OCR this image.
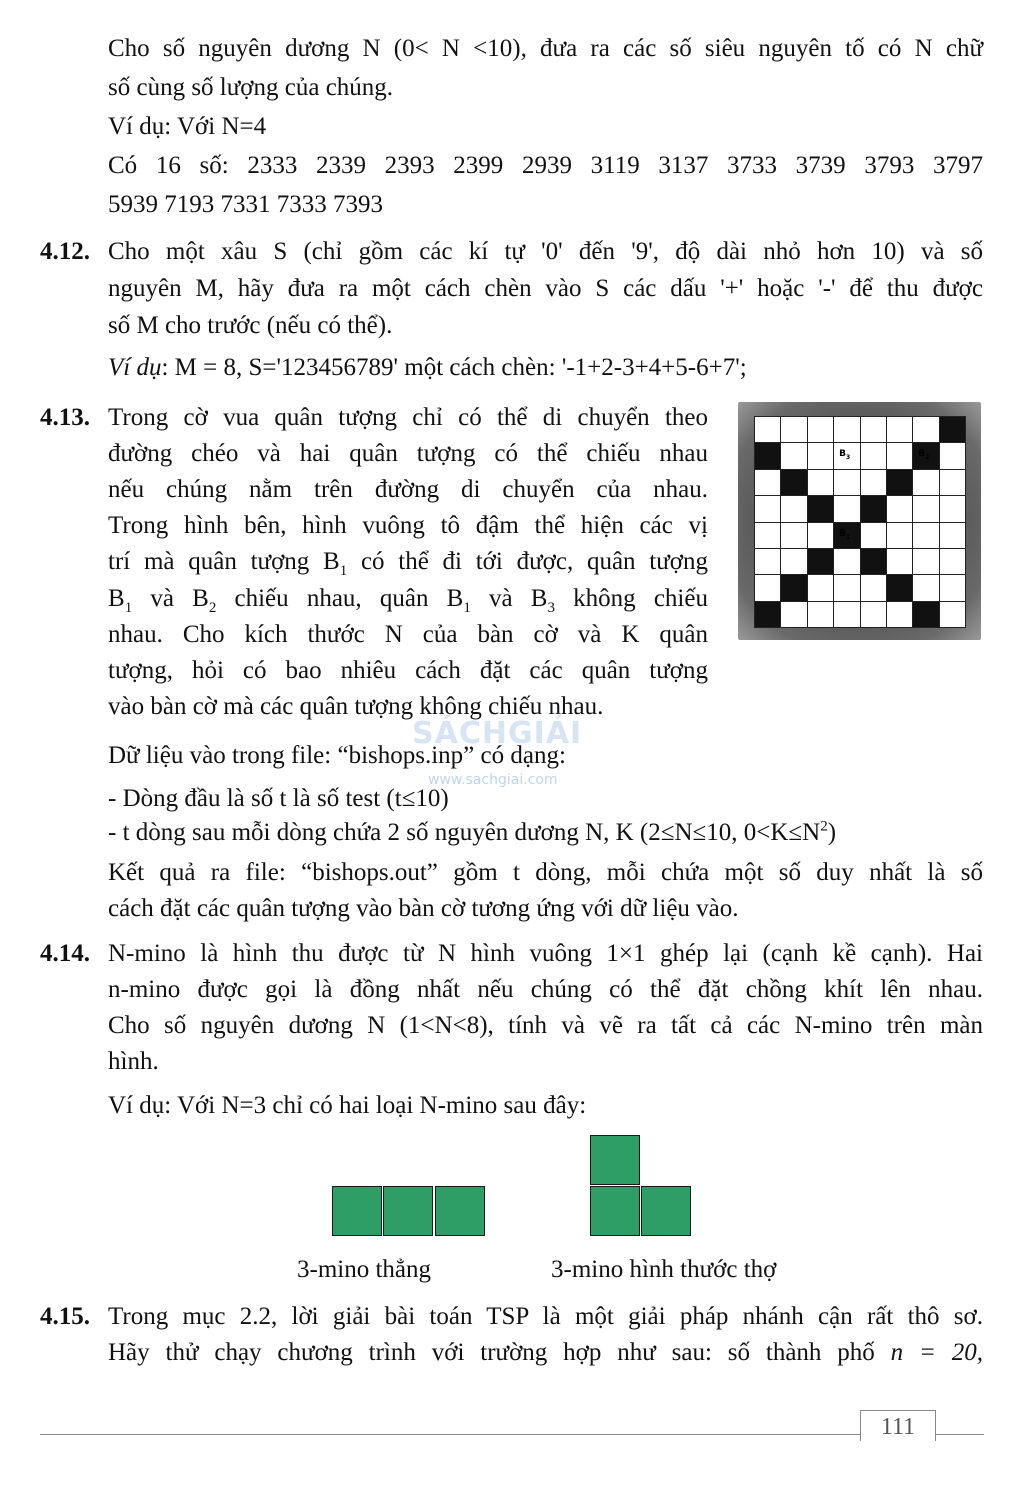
Cho số nguyên dương N (0< N <10), đưa ra các số siêu nguyên tố có N chữ

số cùng số lượng của chúng.

Ví dụ: Với N=4

Có 16 số: 2333 2339 2393 2399 2939 3119 3137 3733 3739 3793 3797

5939 7193 7331 7333 7393

4.12. Cho một xâu S (chỉ gồm các kí tự '0' đến '9', độ dài nhỏ hơn 10) và số

nguyên M, hãy đưa ra một cách chèn vào S các dấu '+' hoặc '-' để thu được

số M cho trước (nếu có thể).

Ví dụ: M = 8, S='123456789' một cách chèn: '-1+2-3+4+5-6+7';

4.13. Trong cờ vua quân tượng chỉ có thể di chuyển theo

đường chéo và hai quân tượng có thể chiếu nhau

nếu chúng nằm trên đường di chuyển của nhau.

Trong hình bên, hình vuông tô đậm thể hiện các vị

trí mà quân tượng $B_1$ có thể đi tới được, quân tượng

$B_1$ và $B_2$ chiếu nhau, quân $B_1$ và $B_3$ không chiếu

nhau. Cho kích thước N của bàn cờ và K quân

tượng, hỏi có bao nhiêu cách đặt các quân tượng

vào bàn cờ mà các quân tượng không chiếu nhau.

$B_3$	$B_2$
$B_1$

Dữ liệu vào trong file: “bishops.inp” có dạng:

- Dòng đầu là số t là số test (t≤10)

- t dòng sau mỗi dòng chứa 2 số nguyên dương N, K (2≤N≤10, $0<K\le N^2$)

Kết quả ra file: “bishops.out” gồm t dòng, mỗi chứa một số duy nhất là số

cách đặt các quân tượng vào bàn cờ tương ứng với dữ liệu vào.

SÁCHGIẢI
www.sachgiai.com
4.14. N-mino là hình thu được từ N hình vuông 1×1 ghép lại (cạnh kề cạnh). Hai

n-mino được gọi là đồng nhất nếu chúng có thể đặt chồng khít lên nhau.

Cho số nguyên dương N (1<N<8), tính và vẽ ra tất cả các N-mino trên màn

hình.

Ví dụ: Với N=3 chỉ có hai loại N-mino sau đây:

3-mino thẳng	3-mino hình thước thợ
4.15. Trong mục 2.2, lời giải bài toán TSP là một giải pháp nhánh cận rất thô sơ.

Hãy thử chạy chương trình với trường hợp như sau: số thành phố n = 20,

111
